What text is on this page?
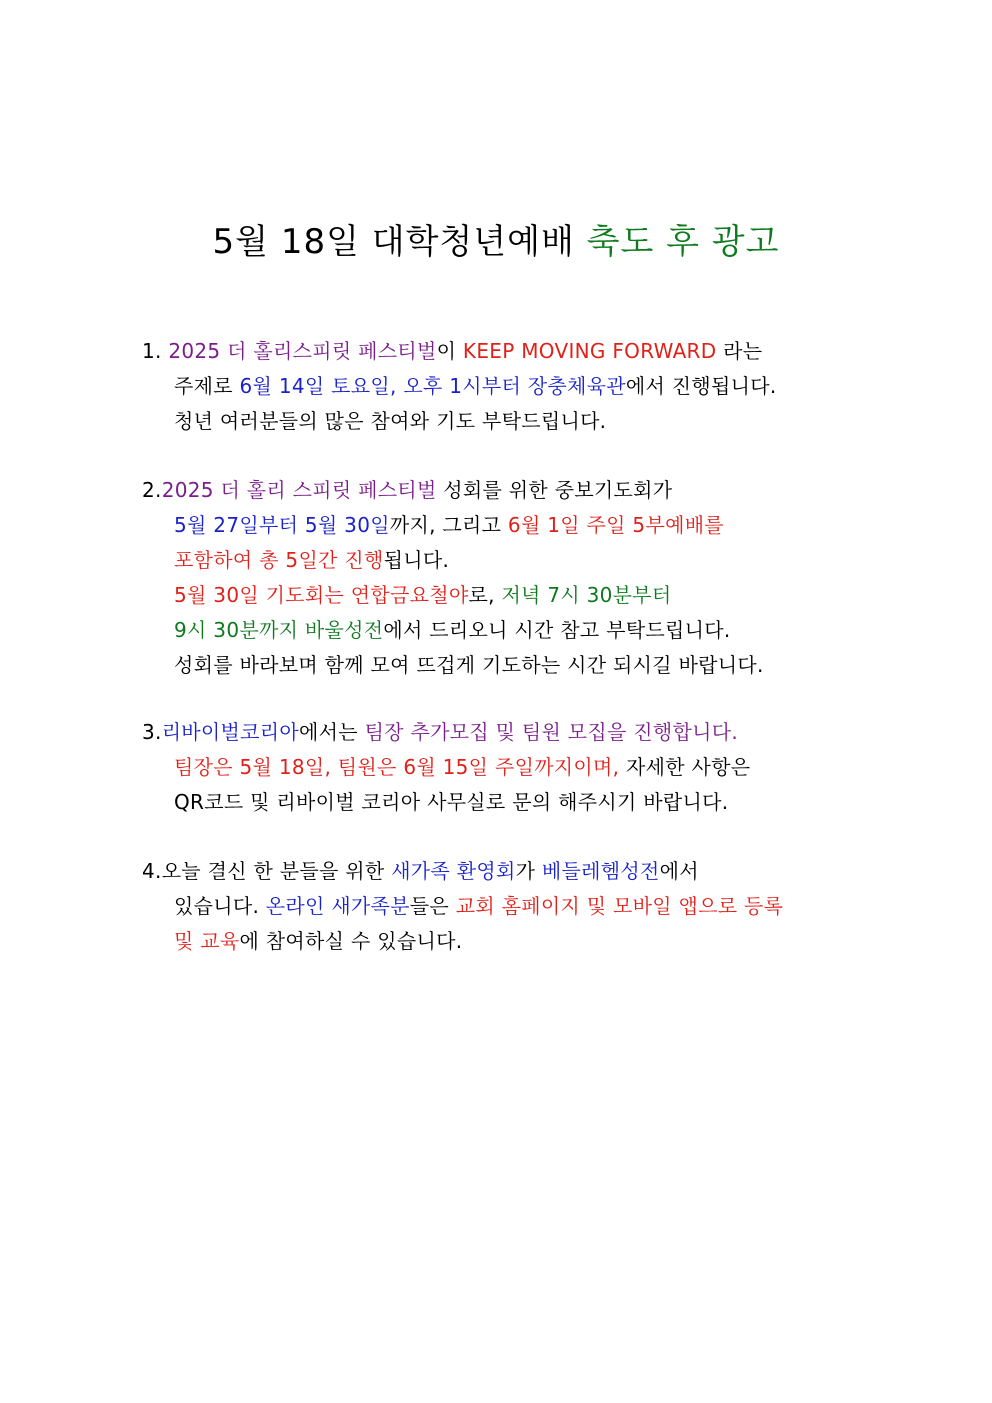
5월 18일 대학청년예배 축도 후 광고
1. 2025 더 홀리스피릿 페스티벌이 KEEP MOVING FORWARD 라는
주제로 6월 14일 토요일, 오후 1시부터 장충체육관에서 진행됩니다.
청년 여러분들의 많은 참여와 기도 부탁드립니다.
2.2025 더 홀리 스피릿 페스티벌 성회를 위한 중보기도회가
5월 27일부터 5월 30일까지, 그리고 6월 1일 주일 5부예배를
포함하여 총 5일간 진행됩니다.
5월 30일 기도회는 연합금요철야로, 저녁 7시 30분부터
9시 30분까지 바울성전에서 드리오니 시간 참고 부탁드립니다.
성회를 바라보며 함께 모여 뜨겁게 기도하는 시간 되시길 바랍니다.
3.리바이벌코리아에서는 팀장 추가모집 및 팀원 모집을 진행합니다.
팀장은 5월 18일, 팀원은 6월 15일 주일까지이며, 자세한 사항은
QR코드 및 리바이벌 코리아 사무실로 문의 해주시기 바랍니다.
4.오늘 결신 한 분들을 위한 새가족 환영회가 베들레헴성전에서
있습니다. 온라인 새가족분들은 교회 홈페이지 및 모바일 앱으로 등록
및 교육에 참여하실 수 있습니다.
